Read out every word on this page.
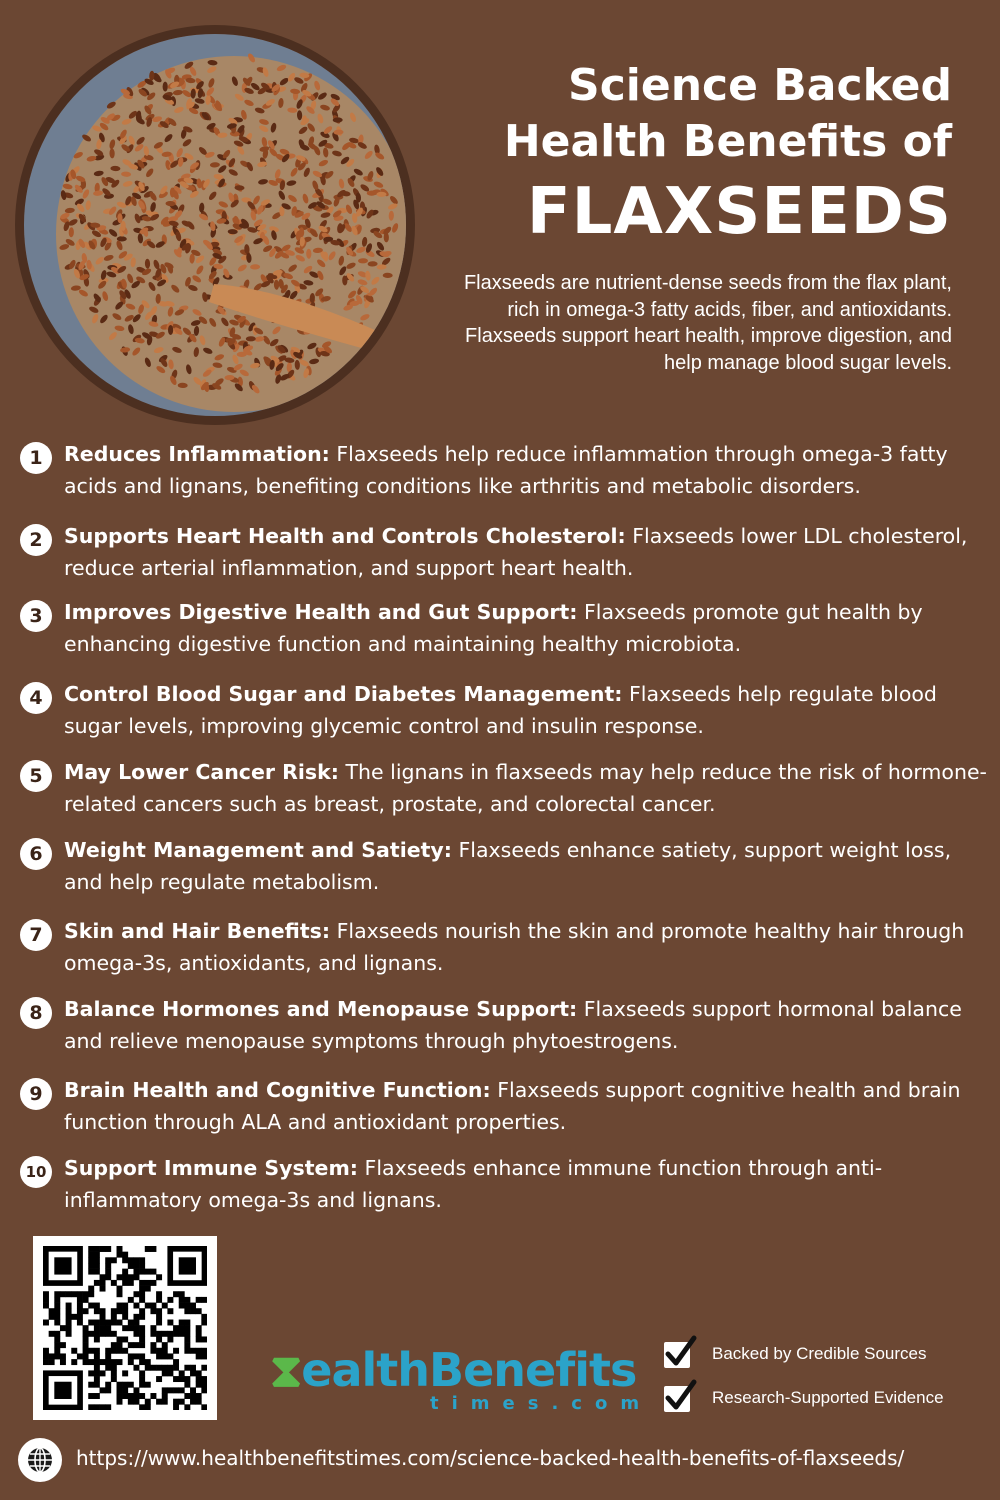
Science Backed
Health Benefits of
FLAXSEEDS
Flaxseeds are nutrient-dense seeds from the flax plant, rich in omega-3 fatty acids, fiber, and antioxidants. Flaxseeds support heart health, improve digestion, and help manage blood sugar levels.
1	Reduces Inflammation: Flaxseeds help reduce inflammation through omega-3 fatty acids and lignans, benefiting conditions like arthritis and metabolic disorders.
2	Supports Heart Health and Controls Cholesterol: Flaxseeds lower LDL cholesterol, reduce arterial inflammation, and support heart health.
3	Improves Digestive Health and Gut Support: Flaxseeds promote gut health by enhancing digestive function and maintaining healthy microbiota.
4	Control Blood Sugar and Diabetes Management: Flaxseeds help regulate blood sugar levels, improving glycemic control and insulin response.
5	May Lower Cancer Risk: The lignans in flaxseeds may help reduce the risk of hormone-related cancers such as breast, prostate, and colorectal cancer.
6	Weight Management and Satiety: Flaxseeds enhance satiety, support weight loss, and help regulate metabolism.
7	Skin and Hair Benefits: Flaxseeds nourish the skin and promote healthy hair through omega-3s, antioxidants, and lignans.
8	Balance Hormones and Menopause Support: Flaxseeds support hormonal balance and relieve menopause symptoms through phytoestrogens.
9	Brain Health and Cognitive Function: Flaxseeds support cognitive health and brain function through ALA and antioxidant properties.
10 Support Immune System: Flaxseeds enhance immune function through anti-inflammatory omega-3s and lignans.
⧗ealthBenefits
times.com
Backed by Credible Sources
Research-Supported Evidence
https://www.healthbenefitstimes.com/science-backed-health-benefits-of-flaxseeds/
